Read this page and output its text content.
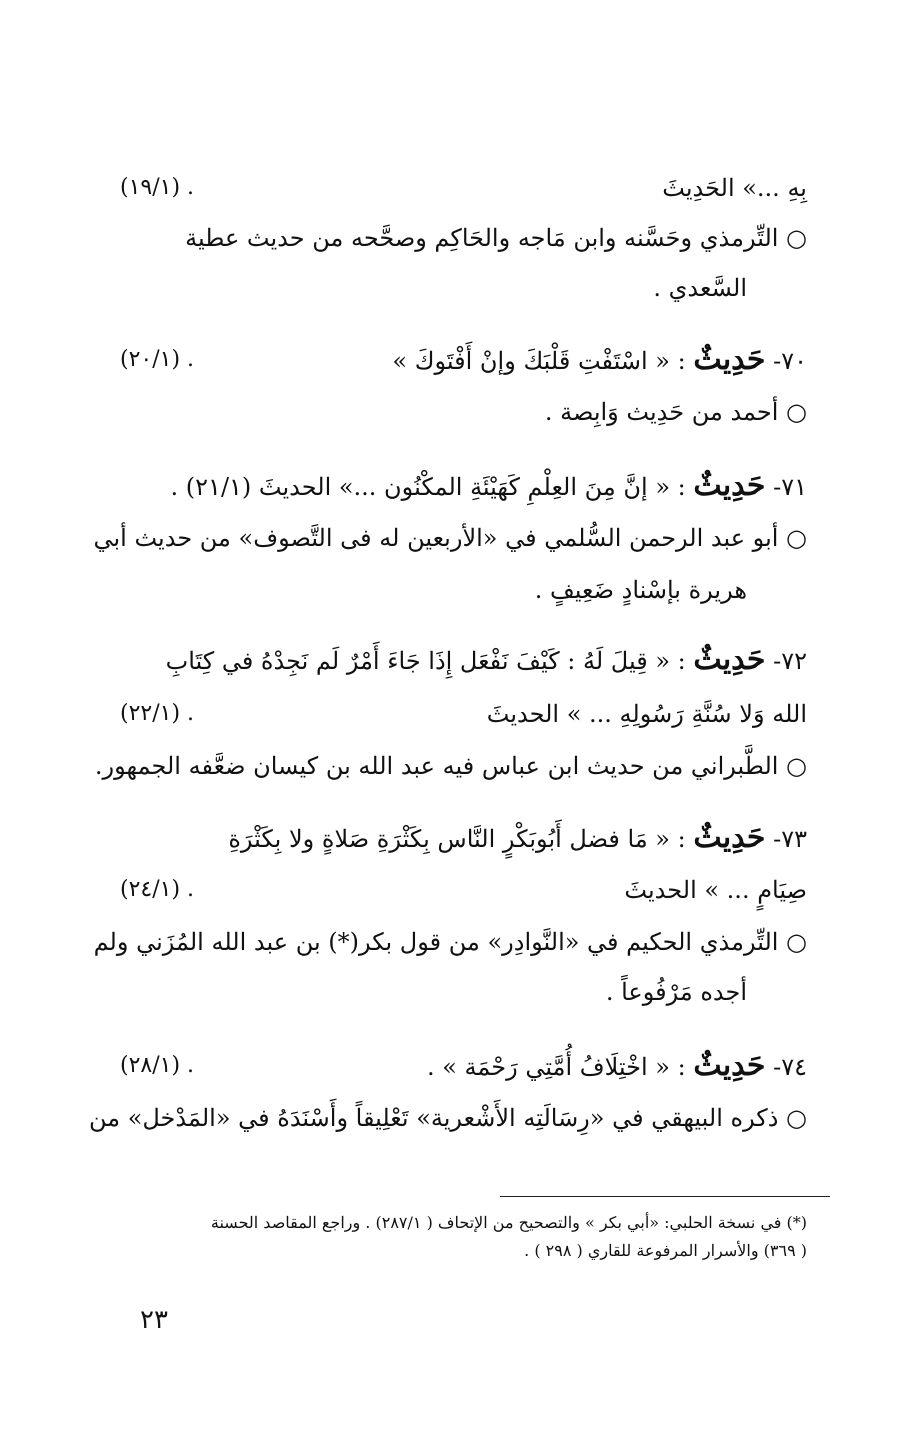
بِهِ ...» الحَدِيثَ
(١٩/١) .
○ التِّرمذي وحَسَّنه وابن مَاجه والحَاكِم وصحَّحه من حديث عطية
السَّعدي .
٧٠- حَدِيثٌ : « اسْتَفْتِ قَلْبَكَ وإنْ أَفْتَوكَ »
(٢٠/١) .
○ أحمد من حَدِيث وَابِصة .
٧١- حَدِيثٌ : « إنَّ مِنَ العِلْمِ كَهَيْئَةِ المكْنُون ...» الحديثَ (٢١/١) .
○ أبو عبد الرحمن السُّلمي في «الأربعين له فى التَّصوف» من حديث أبي
هريرة بإسْنادٍ ضَعِيفٍ .
٧٢- حَدِيثٌ : « قِيلَ لَهُ : كَيْفَ نَفْعَل إِذَا جَاءَ أَمْرٌ لَم نَجِدْهُ في كِتَابِ
الله وَلا سُنَّةِ رَسُولِهِ ... » الحديثَ
(٢٢/١) .
○ الطَّبراني من حديث ابن عباس فيه عبد الله بن كيسان ضعَّفه الجمهور.
٧٣- حَدِيثٌ : « مَا فضل أَبُوبَكْرٍ النَّاس بِكَثْرَةِ صَلاةٍ ولا بِكَثْرَةِ
صِيَامٍ ... » الحديثَ
(٢٤/١) .
○ التِّرمذي الحكيم في «النَّوادِر» من قول بكر(*) بن عبد الله المُزَني ولم
أجده مَرْفُوعاً .
٧٤- حَدِيثٌ : « اخْتِلَافُ أُمَّتِي رَحْمَة » .
(٢٨/١) .
○ ذكره البيهقي في «رِسَالَتِه الأَشْعرية» تَعْلِيقاً وأَسْنَدَهُ في «المَدْخل» من
(*) في نسخة الحلبي: «أبي بكر » والتصحيح من الإتحاف ( ٢٨٧/١) . وراجع المقاصد الحسنة
( ٣٦٩) والأسرار المرفوعة للقاري ( ٢٩٨ ) .
٢٣
